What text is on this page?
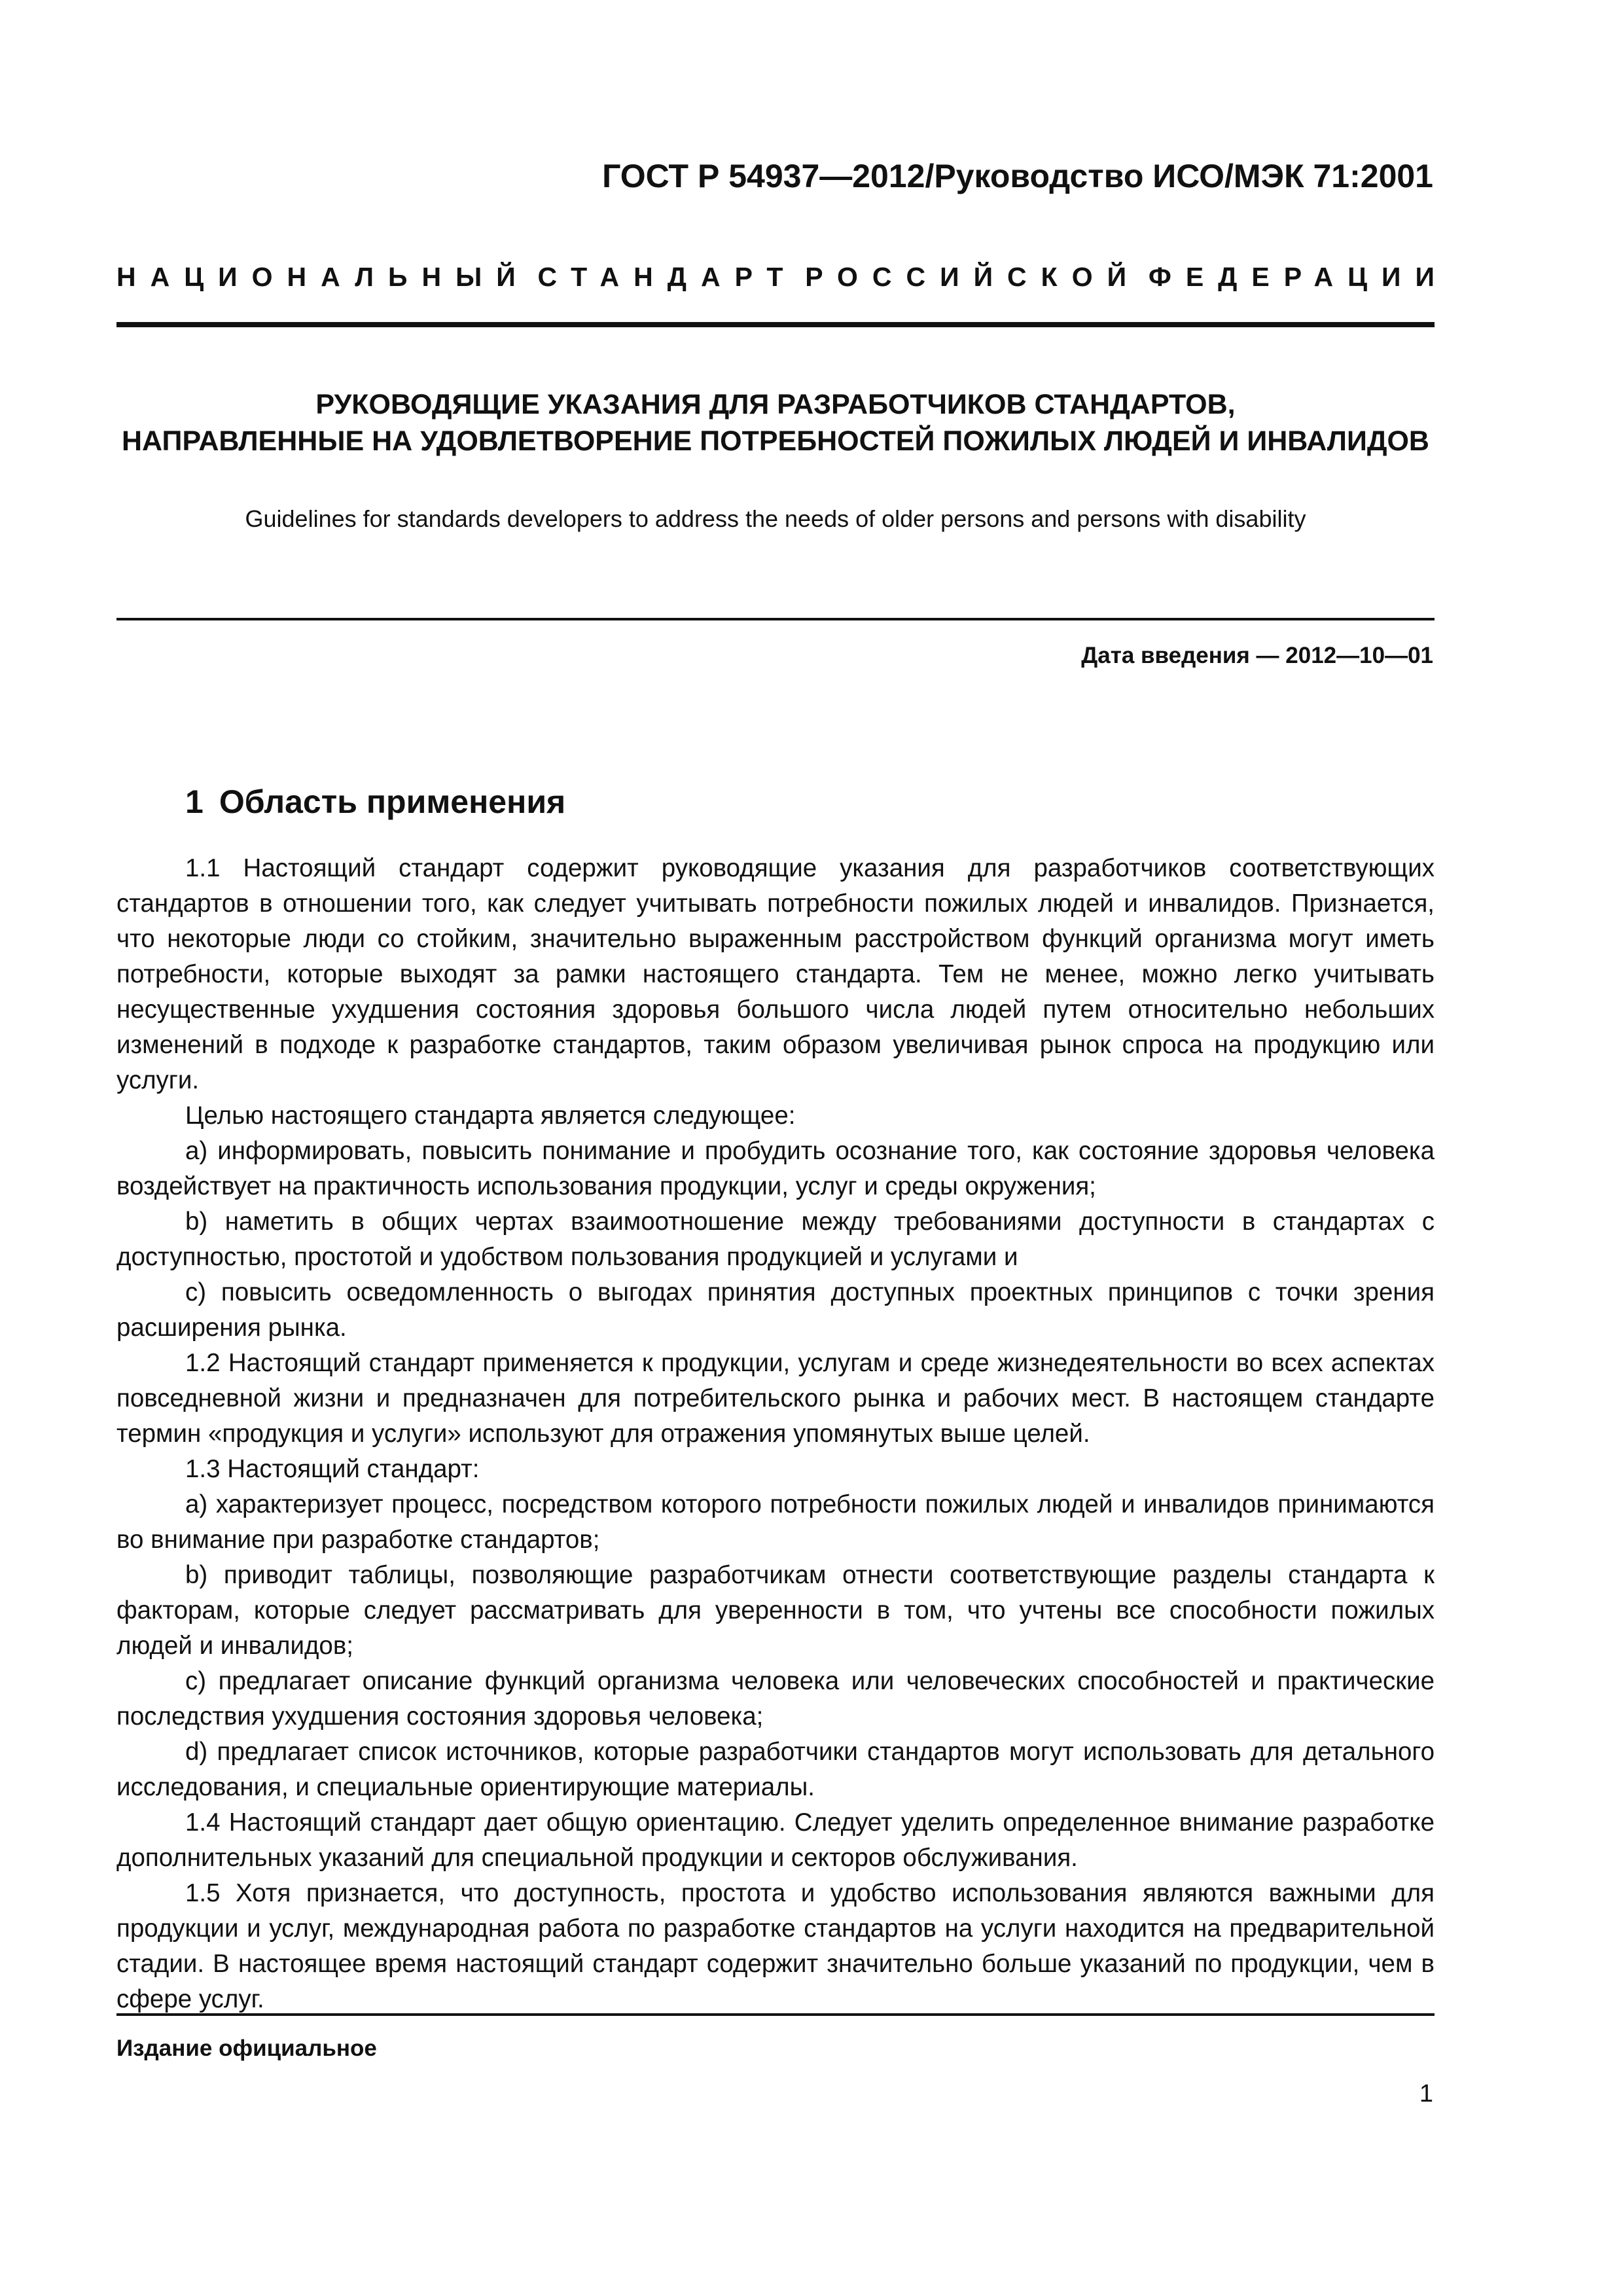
ГОСТ Р 54937—2012/Руководство ИСО/МЭК 71:2001
НАЦИОНАЛЬНЫЙ СТАНДАРТ РОССИЙСКОЙ ФЕДЕРАЦИИ
РУКОВОДЯЩИЕ УКАЗАНИЯ ДЛЯ РАЗРАБОТЧИКОВ СТАНДАРТОВ,
НАПРАВЛЕННЫЕ НА УДОВЛЕТВОРЕНИЕ ПОТРЕБНОСТЕЙ ПОЖИЛЫХ ЛЮДЕЙ И ИНВАЛИДОВ
Guidelines for standards developers to address the needs of older persons and persons with disability
Дата введения — 2012—10—01
1 Область применения

1.1 Настоящий стандарт содержит руководящие указания для разработчиков соответствующих стандартов в отношении того, как следует учитывать потребности пожилых людей и инвалидов. Признается, что некоторые люди со стойким, значительно выраженным расстройством функций организма могут иметь потребности, которые выходят за рамки настоящего стандарта. Тем не менее, можно легко учитывать несущественные ухудшения состояния здоровья большого числа людей путем относительно небольших изменений в подходе к разработке стандартов, таким образом увеличивая рынок спроса на продукцию или услуги.

Целью настоящего стандарта является следующее:

a) информировать, повысить понимание и пробудить осознание того, как состояние здоровья человека воздействует на практичность использования продукции, услуг и среды окружения;

b) наметить в общих чертах взаимоотношение между требованиями доступности в стандартах с доступностью, простотой и удобством пользования продукцией и услугами и

c) повысить осведомленность о выгодах принятия доступных проектных принципов с точки зрения расширения рынка.

1.2 Настоящий стандарт применяется к продукции, услугам и среде жизнедеятельности во всех аспектах повседневной жизни и предназначен для потребительского рынка и рабочих мест. В настоящем стандарте термин «продукция и услуги» используют для отражения упомянутых выше целей.

1.3 Настоящий стандарт:

a) характеризует процесс, посредством которого потребности пожилых людей и инвалидов принимаются во внимание при разработке стандартов;

b) приводит таблицы, позволяющие разработчикам отнести соответствующие разделы стандарта к факторам, которые следует рассматривать для уверенности в том, что учтены все способности пожилых людей и инвалидов;

c) предлагает описание функций организма человека или человеческих способностей и практические последствия ухудшения состояния здоровья человека;

d) предлагает список источников, которые разработчики стандартов могут использовать для детального исследования, и специальные ориентирующие материалы.

1.4 Настоящий стандарт дает общую ориентацию. Следует уделить определенное внимание разработке дополнительных указаний для специальной продукции и секторов обслуживания.

1.5 Хотя признается, что доступность, простота и удобство использования являются важными для продукции и услуг, международная работа по разработке стандартов на услуги находится на предварительной стадии. В настоящее время настоящий стандарт содержит значительно больше указаний по продукции, чем в сфере услуг.

Издание официальное
1
